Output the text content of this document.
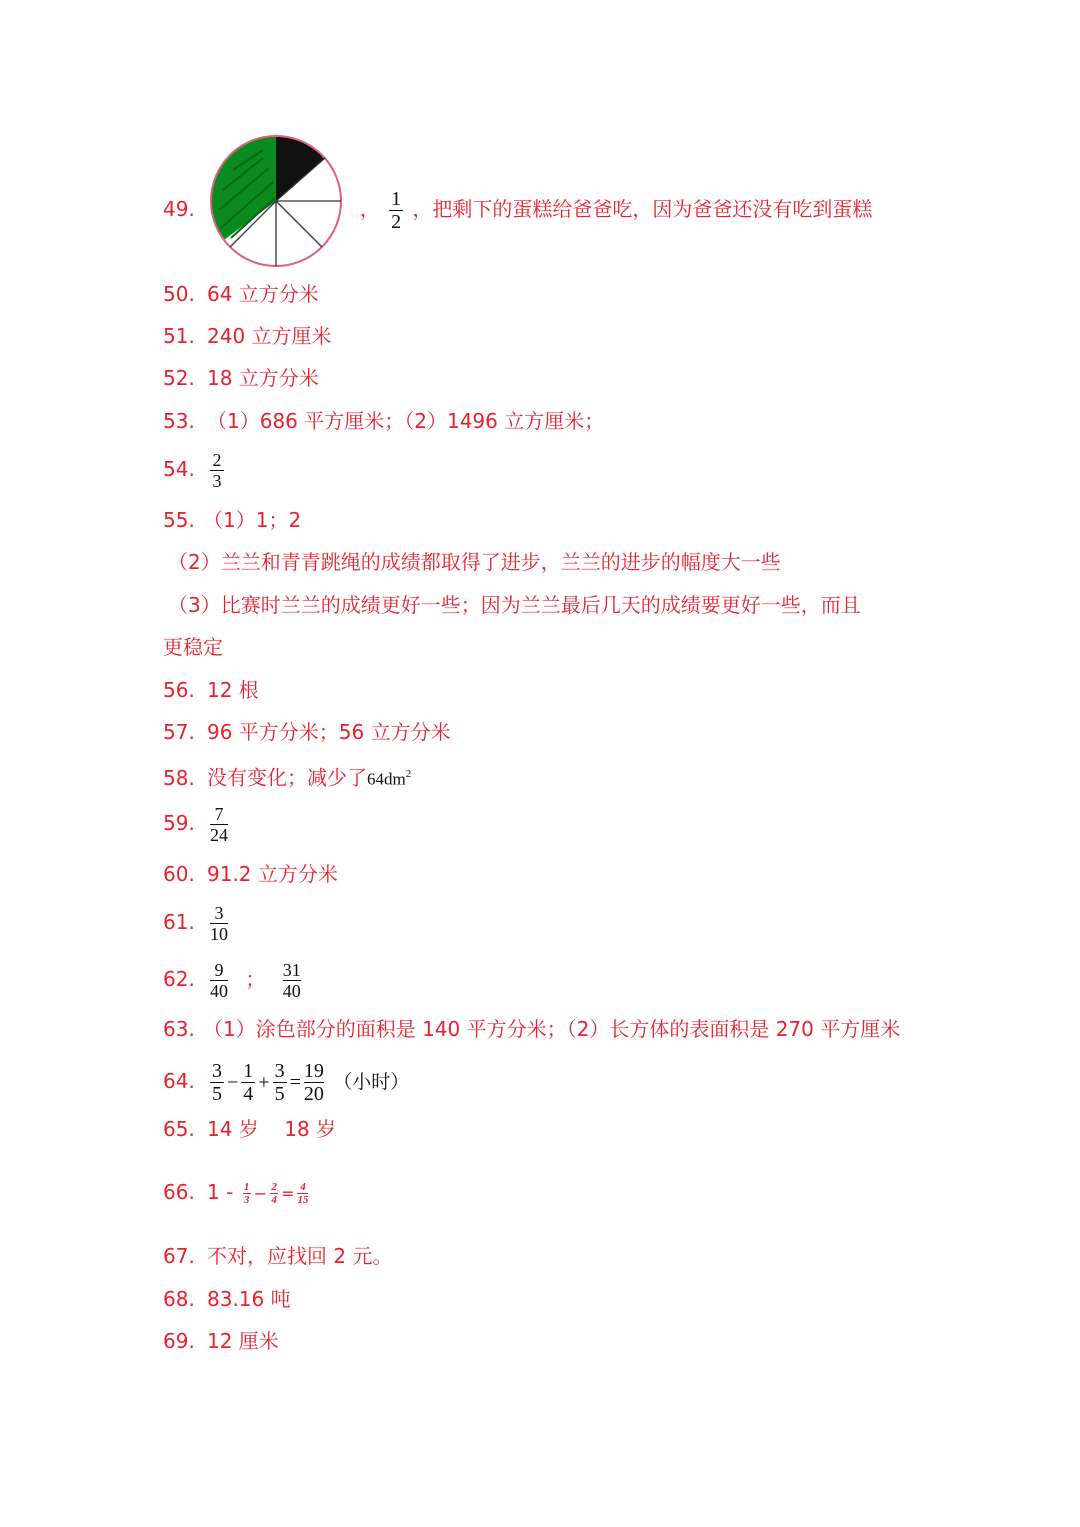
49.	， $\frac{1}{2}$ ，把剩下的蛋糕给爸爸吃，因为爸爸还没有吃到蛋糕
50. 64 立方分米
51. 240 立方厘米
52. 18 立方分米
53. （1）686 平方厘米；（2）1496 立方厘米；
54. $\frac{2}{3}$
55. （1）1；2
（2）兰兰和青青跳绳的成绩都取得了进步，兰兰的进步的幅度大一些
（3）比赛时兰兰的成绩更好一些；因为兰兰最后几天的成绩要更好一些，而且
更稳定
56. 12 根
57. 96 平方分米；56 立方分米
58. 没有变化；减少了$64dm^2$
59. $\frac{7}{24}$
60. 91.2 立方分米
61. $\frac{3}{10}$
62. $\frac{9}{40}$ ； $\frac{31}{40}$
63. （1）涂色部分的面积是 140 平方分米；（2）长方体的表面积是 270 平方厘米
64. $\frac{3}{5} - \frac{1}{4} + \frac{3}{5} = \frac{19}{20}$ （小时）
65. 14 岁    18 岁
66. $1 - \frac{1}{3} - \frac{2}{4} = \frac{4}{15}$
67. 不对，应找回 2 元。
68. 83.16 吨
69. 12 厘米
